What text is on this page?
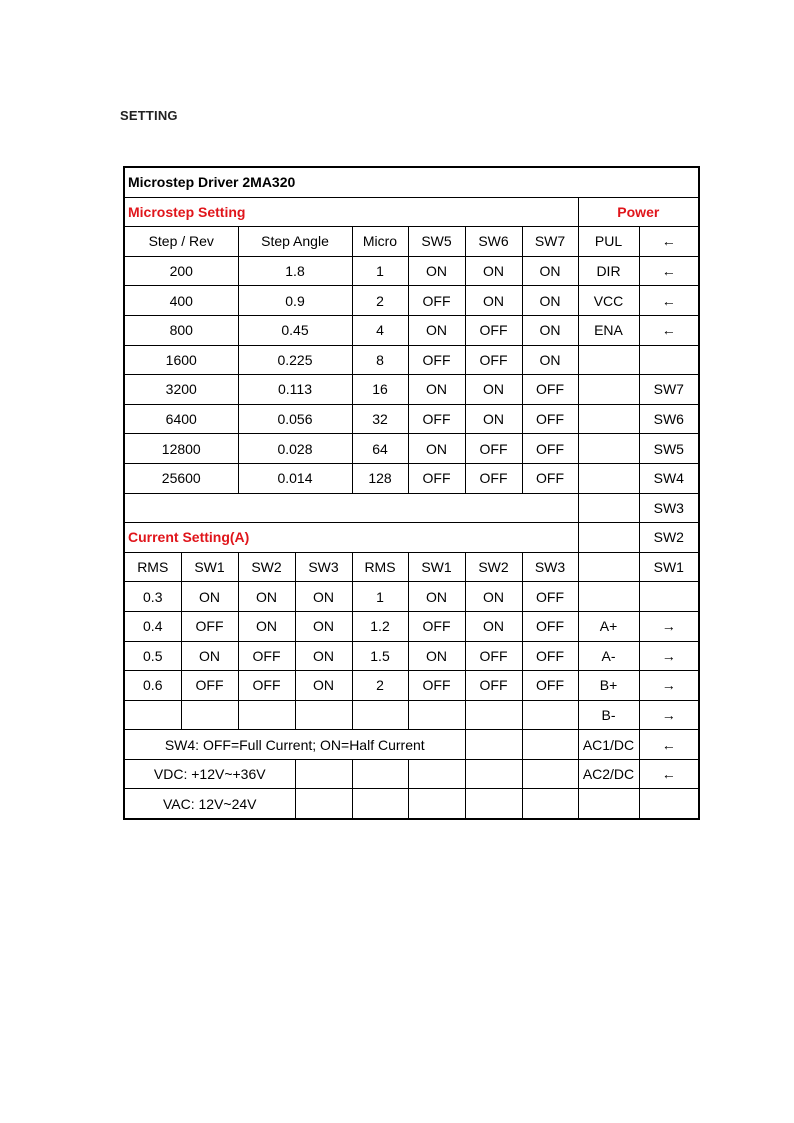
SETTING
Microstep Driver 2MA320									
Microstep Setting								Power	
Step / Rev		Step Angle		Micro	SW5	SW6	SW7	PUL	←
200		1.8		1	ON	ON	ON	DIR	←
400		0.9		2	OFF	ON	ON	VCC	←
800		0.45		4	ON	OFF	ON	ENA	←
1600		0.225		8	OFF	OFF	ON		
3200		0.113		16	ON	ON	OFF		SW7
6400		0.056		32	OFF	ON	OFF		SW6
12800		0.028		64	ON	OFF	OFF		SW5
25600		0.014		128	OFF	OFF	OFF		SW4
									SW3
Current Setting(A)									SW2
RMS	SW1	SW2	SW3	RMS	SW1	SW2	SW3		SW1
0.3	ON	ON	ON	1	ON	ON	OFF		
0.4	OFF	ON	ON	1.2	OFF	ON	OFF	A+	→
0.5	ON	OFF	ON	1.5	ON	OFF	OFF	A-	→
0.6	OFF	OFF	ON	2	OFF	OFF	OFF	B+	→
								B-	→
SW4: OFF=Full Current; ON=Half Current								AC1/DC	←
VDC: +12V~+36V								AC2/DC	←
VAC: 12V~24V									
